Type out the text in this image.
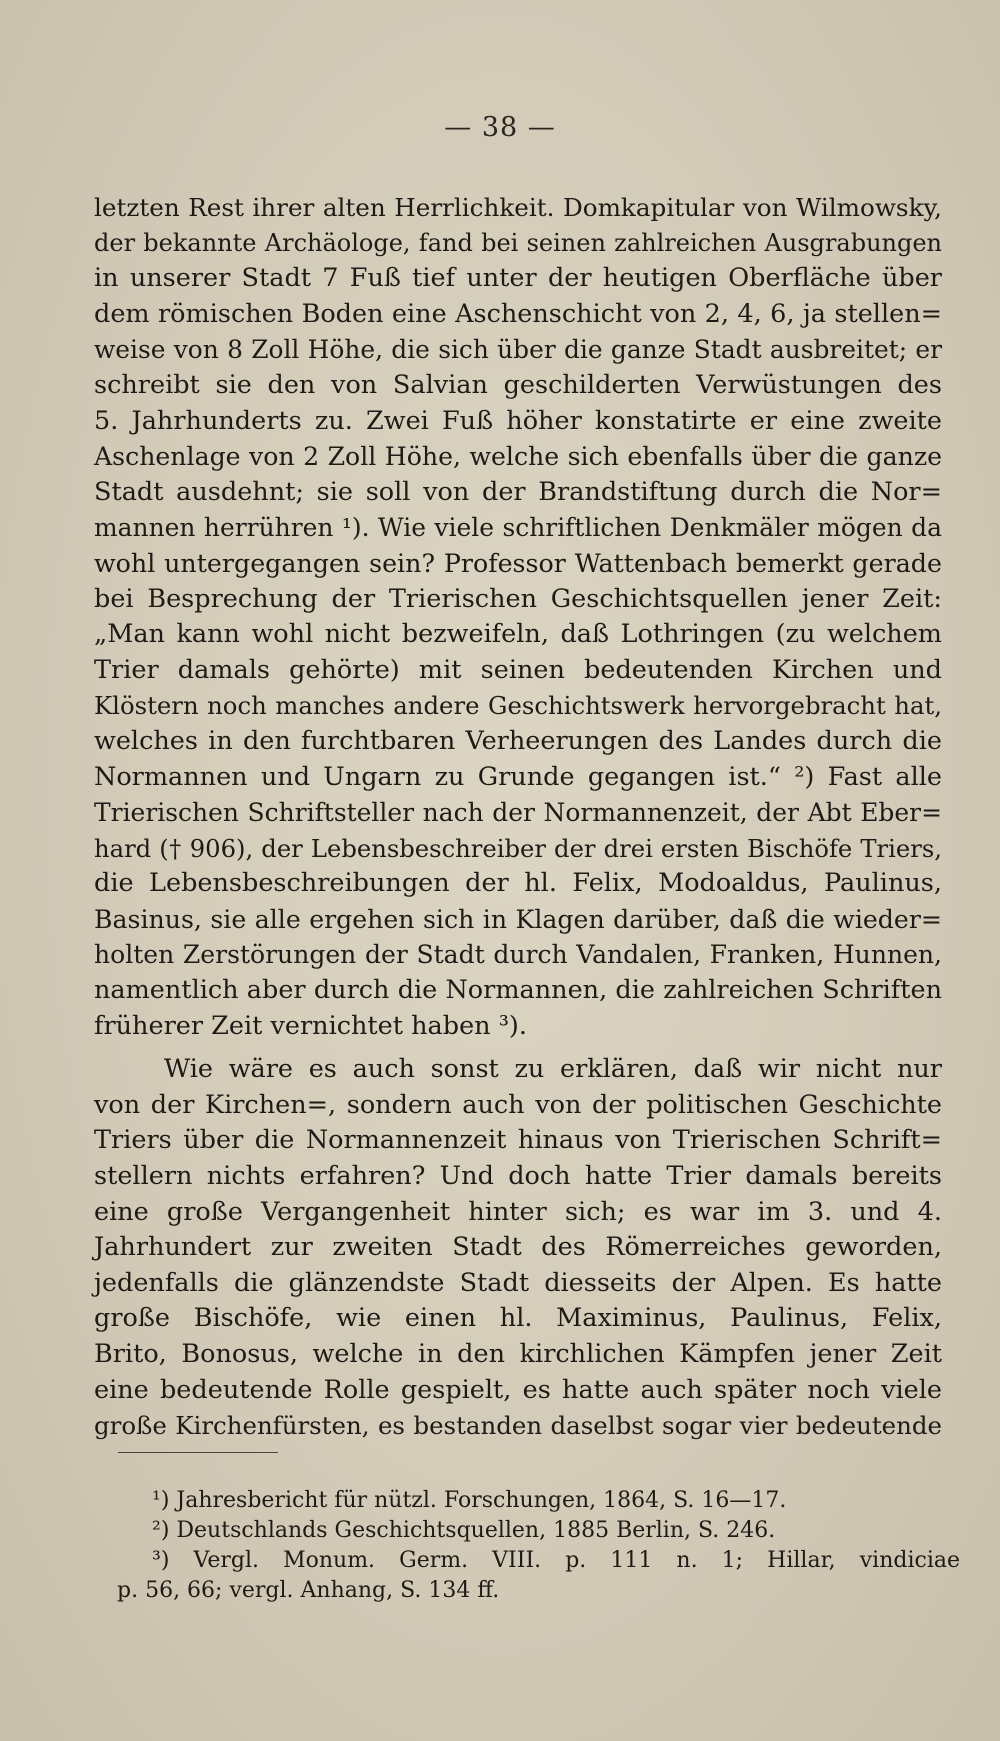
— 38 —
letzten Rest ihrer alten Herrlichkeit. Domkapitular von Wilmowsky,
der bekannte Archäologe, fand bei seinen zahlreichen Ausgrabungen
in unserer Stadt 7 Fuß tief unter der heutigen Oberfläche über
dem römischen Boden eine Aschenschicht von 2, 4, 6, ja stellen=
weise von 8 Zoll Höhe, die sich über die ganze Stadt ausbreitet; er
schreibt sie den von Salvian geschilderten Verwüstungen des
5. Jahrhunderts zu. Zwei Fuß höher konstatirte er eine zweite
Aschenlage von 2 Zoll Höhe, welche sich ebenfalls über die ganze
Stadt ausdehnt; sie soll von der Brandstiftung durch die Nor=
mannen herrühren ¹). Wie viele schriftlichen Denkmäler mögen da
wohl untergegangen sein? Professor Wattenbach bemerkt gerade
bei Besprechung der Trierischen Geschichtsquellen jener Zeit:
„Man kann wohl nicht bezweifeln, daß Lothringen (zu welchem
Trier damals gehörte) mit seinen bedeutenden Kirchen und
Klöstern noch manches andere Geschichtswerk hervorgebracht hat,
welches in den furchtbaren Verheerungen des Landes durch die
Normannen und Ungarn zu Grunde gegangen ist.“ ²) Fast alle
Trierischen Schriftsteller nach der Normannenzeit, der Abt Eber=
hard († 906), der Lebensbeschreiber der drei ersten Bischöfe Triers,
die Lebensbeschreibungen der hl. Felix, Modoaldus, Paulinus,
Basinus, sie alle ergehen sich in Klagen darüber, daß die wieder=
holten Zerstörungen der Stadt durch Vandalen, Franken, Hunnen,
namentlich aber durch die Normannen, die zahlreichen Schriften
früherer Zeit vernichtet haben ³).
Wie wäre es auch sonst zu erklären, daß wir nicht nur
von der Kirchen=, sondern auch von der politischen Geschichte
Triers über die Normannenzeit hinaus von Trierischen Schrift=
stellern nichts erfahren? Und doch hatte Trier damals bereits
eine große Vergangenheit hinter sich; es war im 3. und 4.
Jahrhundert zur zweiten Stadt des Römerreiches geworden,
jedenfalls die glänzendste Stadt diesseits der Alpen. Es hatte
große Bischöfe, wie einen hl. Maximinus, Paulinus, Felix,
Brito, Bonosus, welche in den kirchlichen Kämpfen jener Zeit
eine bedeutende Rolle gespielt, es hatte auch später noch viele
große Kirchenfürsten, es bestanden daselbst sogar vier bedeutende
¹) Jahresbericht für nützl. Forschungen, 1864, S. 16—17.
²) Deutschlands Geschichtsquellen, 1885 Berlin, S. 246.
³) Vergl. Monum. Germ. VIII. p. 111 n. 1; Hillar, vindiciae
p. 56, 66; vergl. Anhang, S. 134 ff.
